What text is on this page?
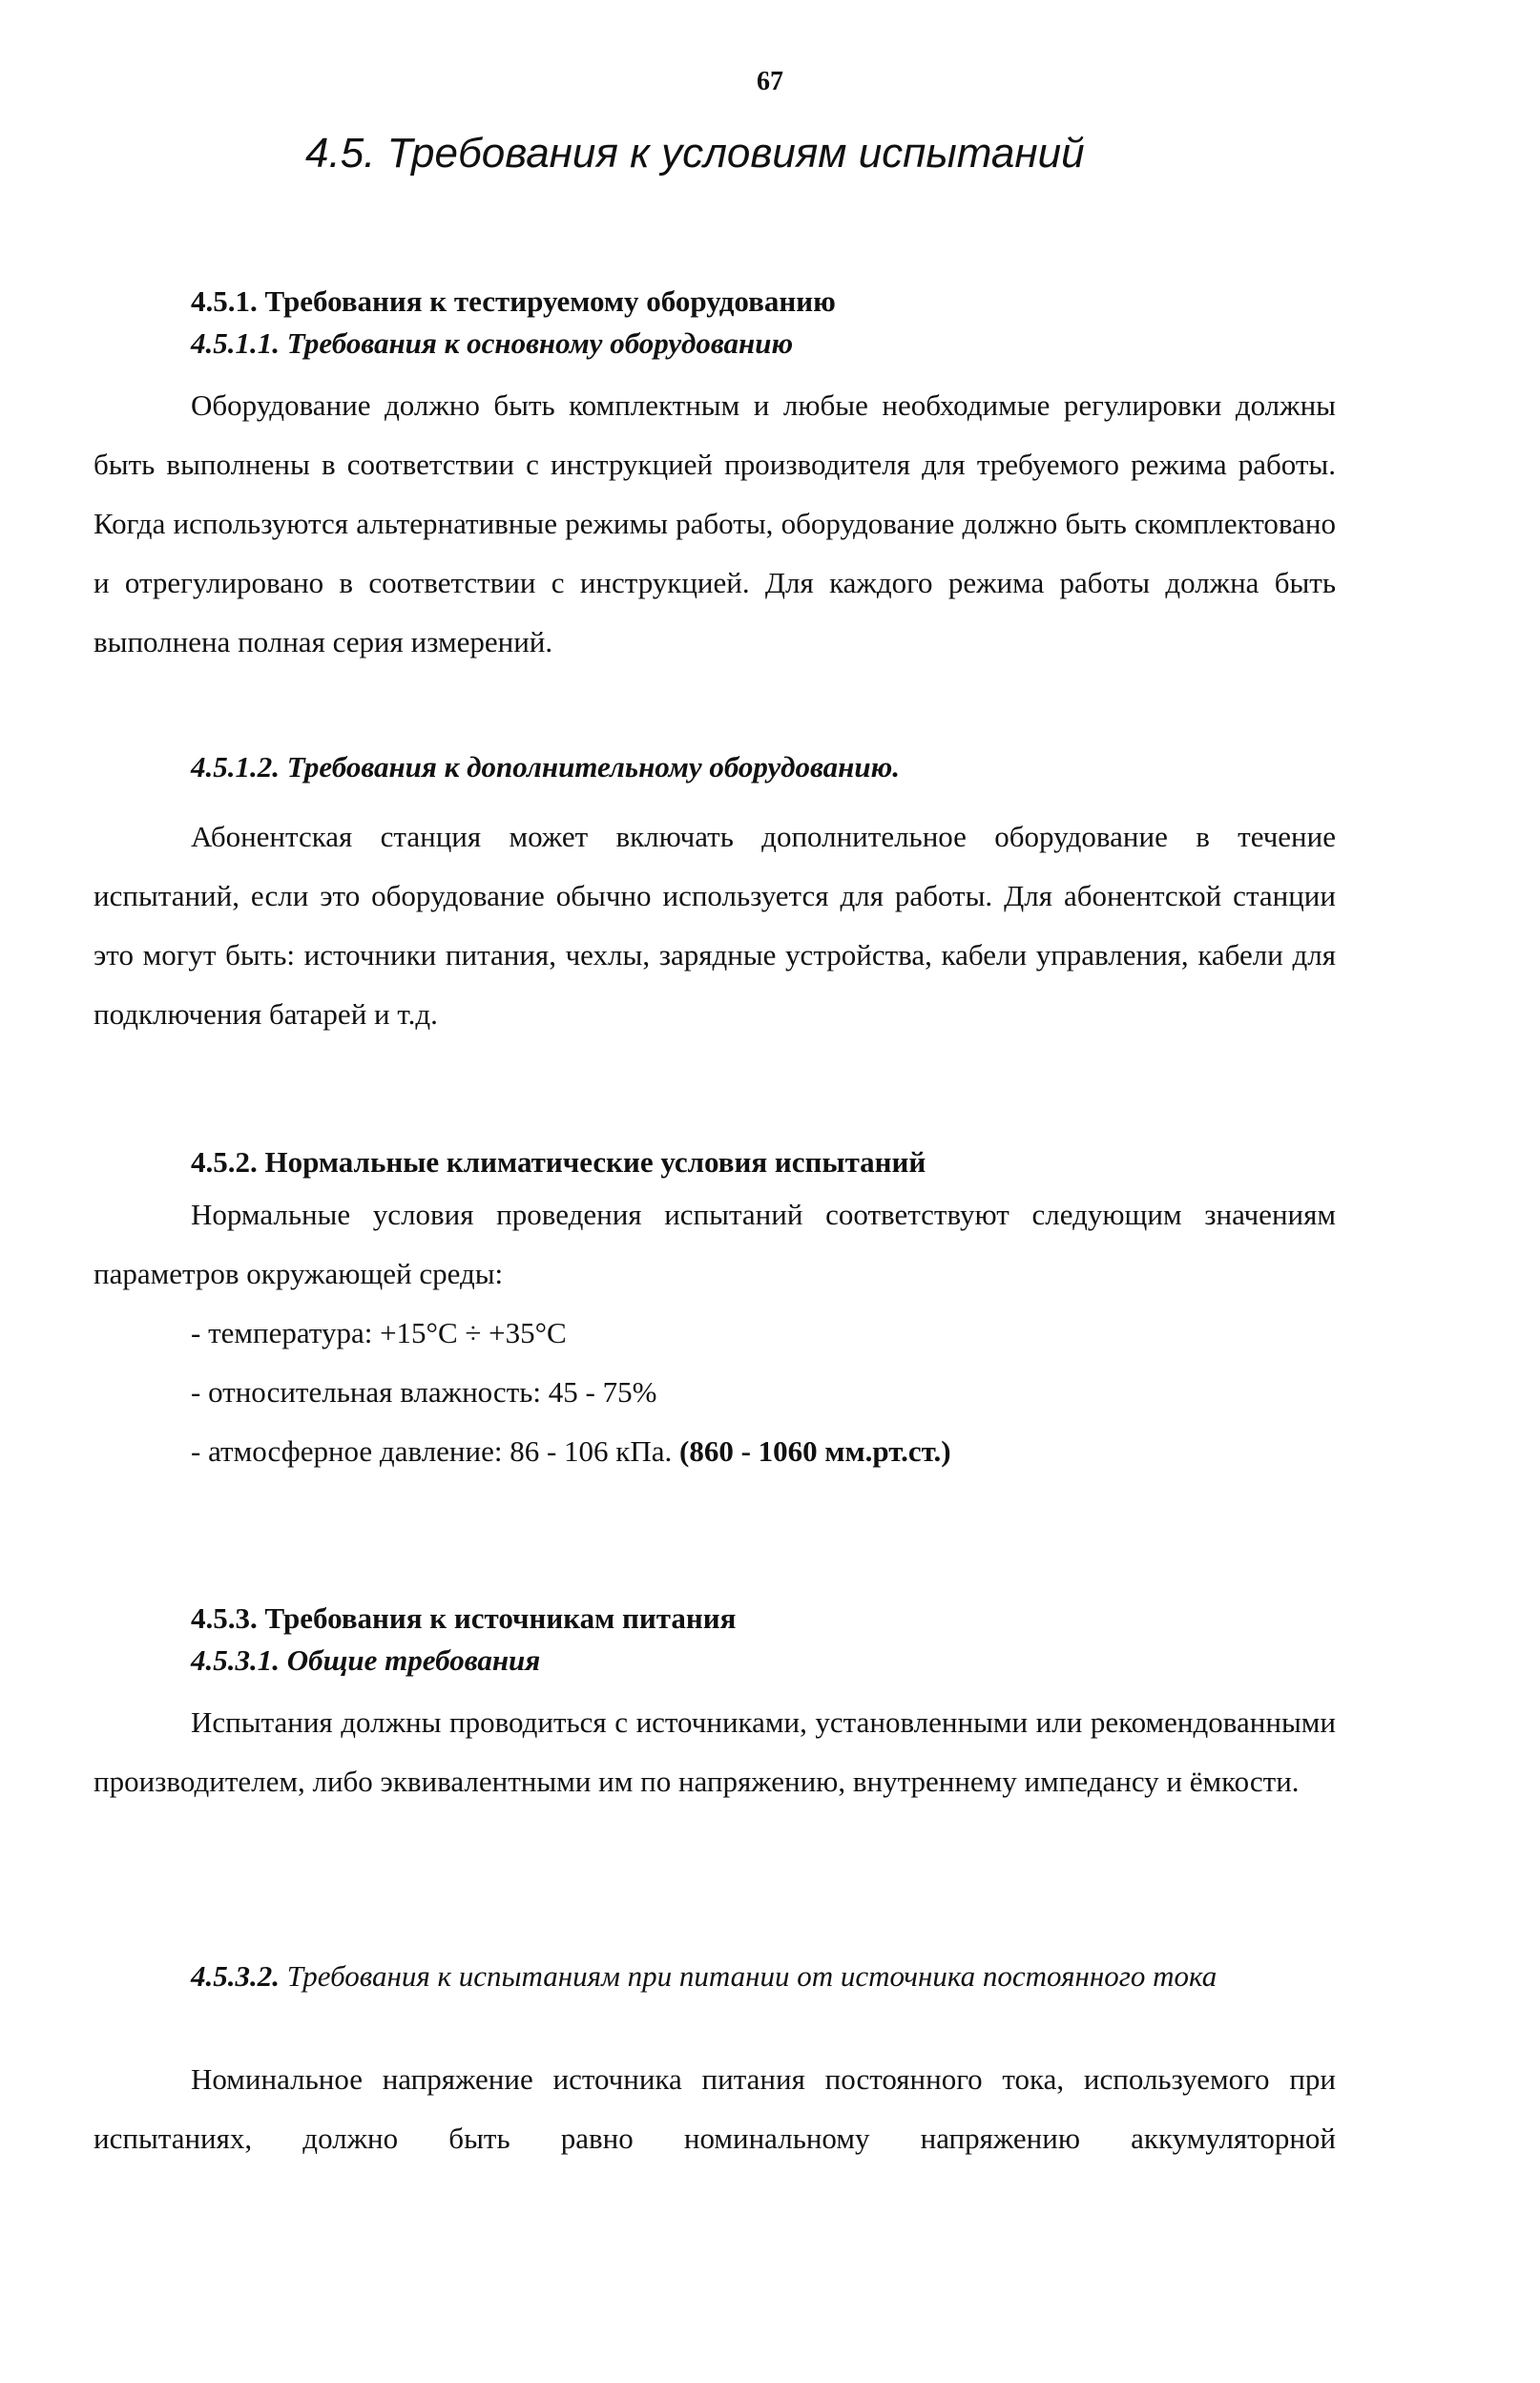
67
4.5. Требования к условиям испытаний
4.5.1. Требования к тестируемому оборудованию
4.5.1.1. Требования к основному оборудованию

Оборудование должно быть комплектным и любые необходимые регулировки должны быть выполнены в соответствии с инструкцией производителя для требуемого режима работы. Когда используются альтернативные режимы работы, оборудование должно быть скомплектовано и отрегулировано в соответствии с инструкцией. Для каждого режима работы должна быть выполнена полная серия измерений.

4.5.1.2. Требования к дополнительному оборудованию.

Абонентская станция может включать дополнительное оборудование в течение испытаний, если это оборудование обычно используется для работы. Для абонентской станции это могут быть: источники питания, чехлы, зарядные устройства, кабели управления, кабели для подключения батарей и т.д.

4.5.2. Нормальные климатические условия испытаний

Нормальные условия проведения испытаний соответствуют следующим значениям параметров окружающей среды:

- температура: +15°С ÷ +35°С

- относительная влажность: 45 - 75%

- атмосферное давление: 86 - 106 кПа. (860 - 1060 мм.рт.ст.)

4.5.3. Требования к источникам питания
4.5.3.1. Общие требования

Испытания должны проводиться с источниками, установленными или рекомендованными производителем, либо эквивалентными им по напряжению, внутреннему импедансу и ёмкости.

4.5.3.2. Требования к испытаниям при питании от источника постоянного тока

Номинальное напряжение источника питания постоянного тока, используемого при испытаниях, должно быть равно номинальному напряжению аккумуляторной
